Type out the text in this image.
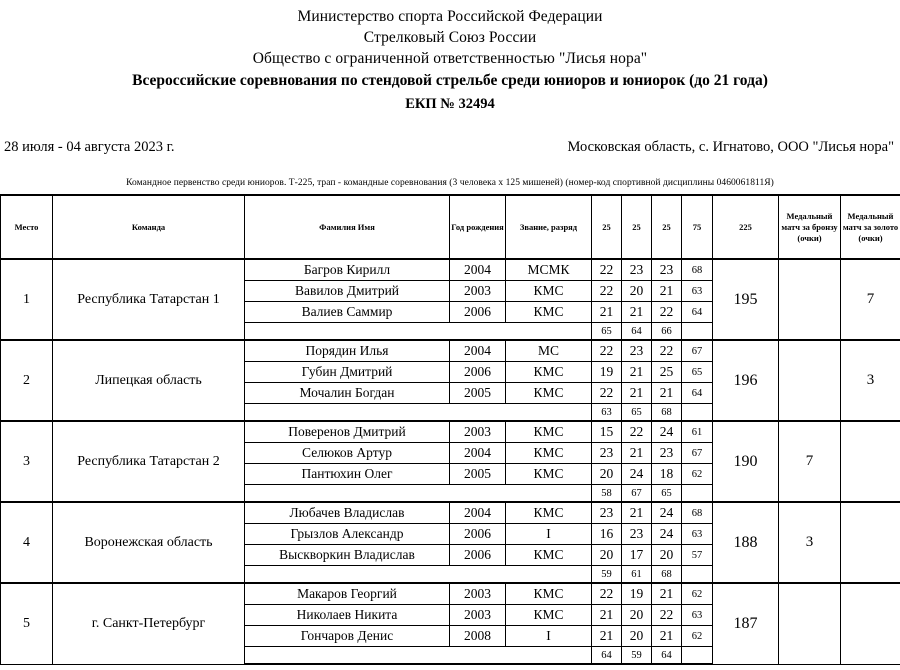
Министерство спорта Российской Федерации
Стрелковый Союз России
Общество с ограниченной ответственностью "Лисья нора"
Всероссийские соревнования по стендовой стрельбе среди юниоров и юниорок (до 21 года)
ЕКП № 32494
28 июля - 04 августа 2023 г.	Московская область, с. Игнатово, ООО "Лисья нора"
Командное первенство среди юниоров. Т-225, трап - командные соревнования (3 человека х 125 мишеней) (номер-код спортивной дисциплины 0460061811Я)
Место	Команда	Фамилия Имя	Год рождения	Звание, разряд	25	25	25	75	225	
Медальный
матч за бронзу
(очки)

Медальный
матч за золото
(очки)

1	Республика Татарстан 1	Багров Кирилл	2004	МСМК	22	23	23	68	195		7
		Вавилов Дмитрий	2003	КМС	22	20	21	63			
		Валиев Саммир	2006	КМС	21	21	22	64			
					65	64	66				
2	Липецкая область	Порядин Илья	2004	МС	22	23	22	67	196		3
		Губин Дмитрий	2006	КМС	19	21	25	65			
		Мочалин Богдан	2005	КМС	22	21	21	64			
					63	65	68				
3	Республика Татарстан 2	Поверенов Дмитрий	2003	КМС	15	22	24	61	190	7	
		Селюков Артур	2004	КМС	23	21	23	67			
		Пантюхин Олег	2005	КМС	20	24	18	62			
					58	67	65				
4	Воронежская область	Любачев Владислав	2004	КМС	23	21	24	68	188	3	
		Грызлов Александр	2006	I	16	23	24	63			
		Выскворкин Владислав	2006	КМС	20	17	20	57			
					59	61	68				
5	г. Санкт-Петербург	Макаров Георгий	2003	КМС	22	19	21	62	187		
		Николаев Никита	2003	КМС	21	20	22	63			
		Гончаров Денис	2008	I	21	20	21	62			
					64	59	64				
